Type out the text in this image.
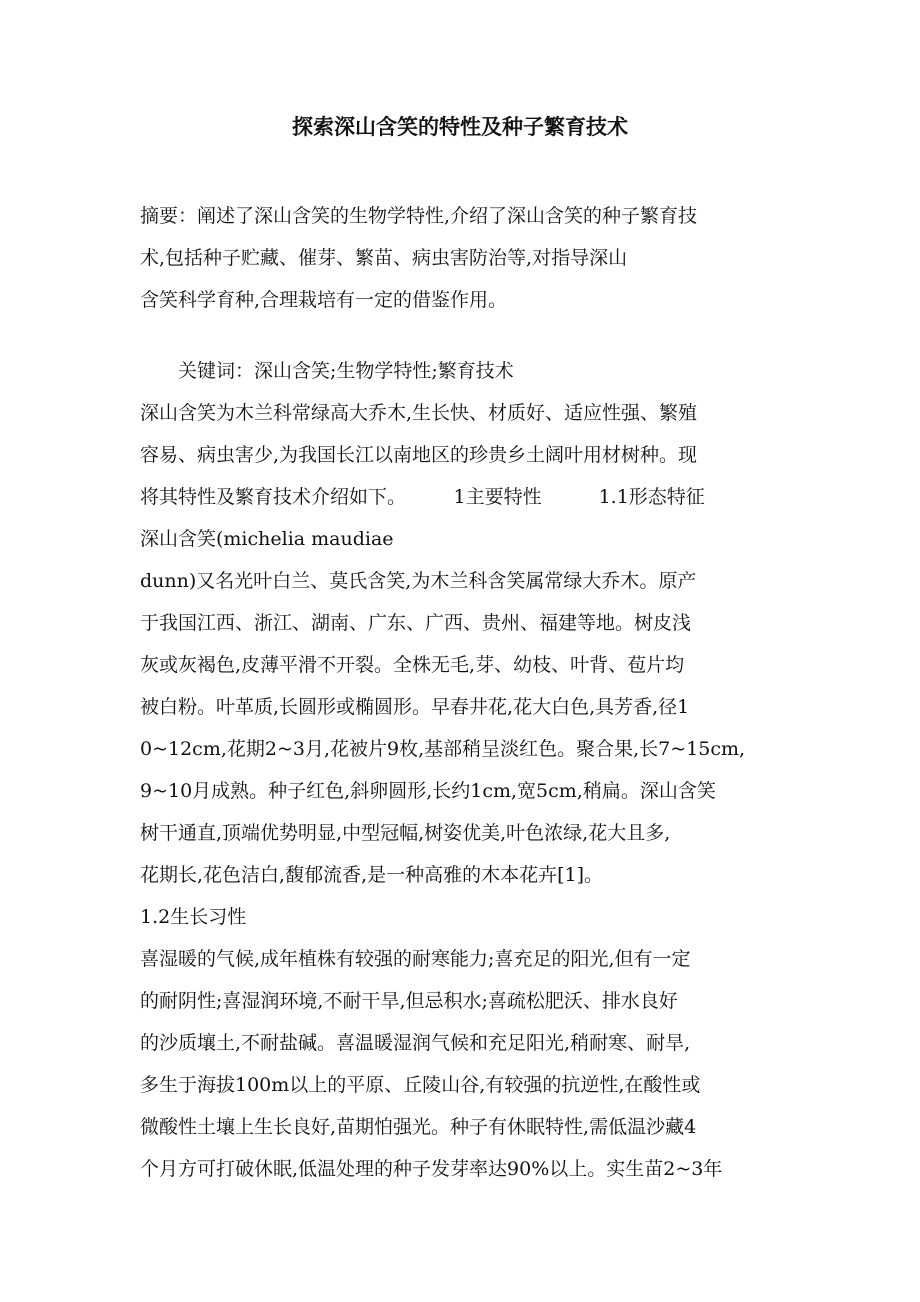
探索深山含笑的特性及种子繁育技术
摘要：阐述了深山含笑的生物学特性,介绍了深山含笑的种子繁育技
术,包括种子贮藏、催芽、繁苗、病虫害防治等,对指导深山
含笑科学育种,合理栽培有一定的借鉴作用。
　　关键词：深山含笑;生物学特性;繁育技术
深山含笑为木兰科常绿高大乔木,生长快、材质好、适应性强、繁殖
容易、病虫害少,为我国长江以南地区的珍贵乡土阔叶用材树种。现
将其特性及繁育技术介绍如下。　　　1主要特性　　　1.1形态特征
深山含笑(michelia maudiae
dunn)又名光叶白兰、莫氏含笑,为木兰科含笑属常绿大乔木。原产
于我国江西、浙江、湖南、广东、广西、贵州、福建等地。树皮浅
灰或灰褐色,皮薄平滑不开裂。全株无毛,芽、幼枝、叶背、苞片均
被白粉。叶革质,长圆形或椭圆形。早春井花,花大白色,具芳香,径1
0~12cm,花期2~3月,花被片9枚,基部稍呈淡红色。聚合果,长7~15cm,
9~10月成熟。种子红色,斜卵圆形,长约1cm,宽5cm,稍扁。深山含笑
树干通直,顶端优势明显,中型冠幅,树姿优美,叶色浓绿,花大且多,
花期长,花色洁白,馥郁流香,是一种高雅的木本花卉[1]。
1.2生长习性
喜湿暖的气候,成年植株有较强的耐寒能力;喜充足的阳光,但有一定
的耐阴性;喜湿润环境,不耐干旱,但忌积水;喜疏松肥沃、排水良好
的沙质壤土,不耐盐碱。喜温暖湿润气候和充足阳光,稍耐寒、耐旱,
多生于海拔100m以上的平原、丘陵山谷,有较强的抗逆性,在酸性或
微酸性土壤上生长良好,苗期怕强光。种子有休眠特性,需低温沙藏4
个月方可打破休眠,低温处理的种子发芽率达90%以上。实生苗2~3年
